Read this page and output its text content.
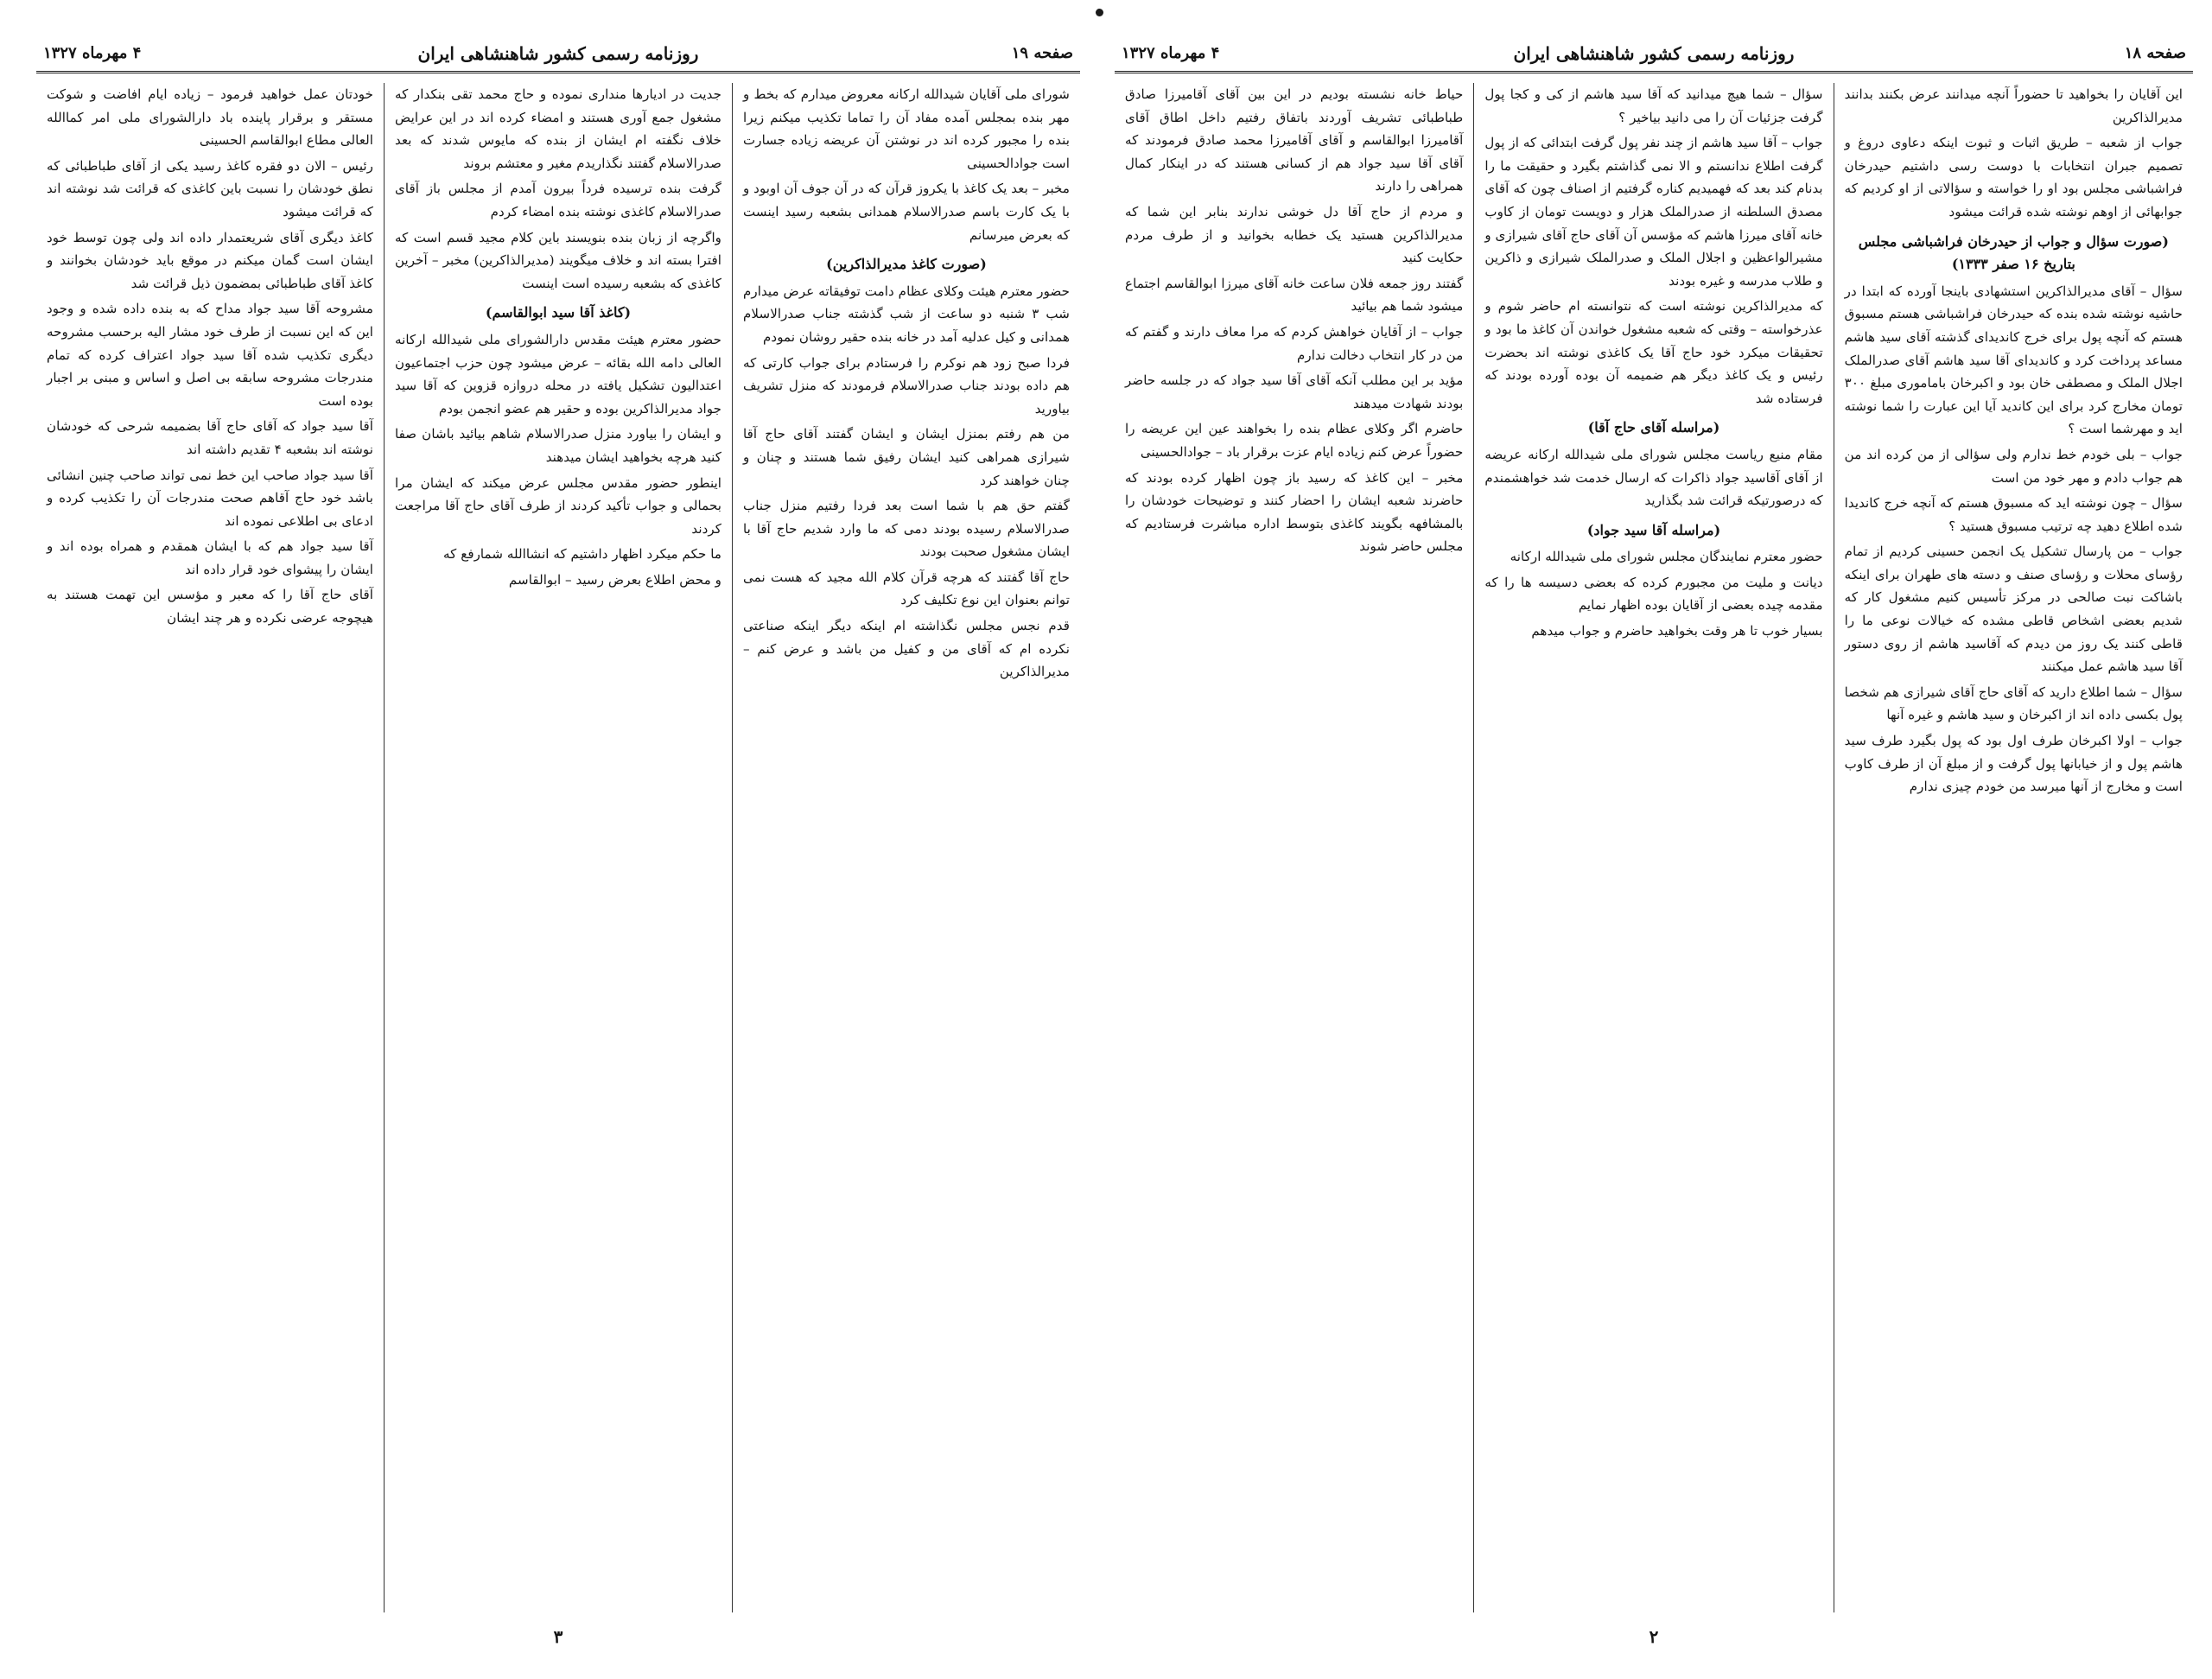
صفحه ۱۸
روزنامه رسمی کشور شاهنشاهی ایران
۴ مهرماه ۱۳۲۷

این آقایان را بخواهید تا حضوراً آنچه میدانند عرض بکنند بدانند مدیرالذاکرین

جواب از شعبه – طریق اثبات و ثبوت اینکه دعاوی دروغ و تصمیم جبران انتخابات با دوست رسی داشتیم حیدرخان فراشباشی مجلس بود او را خواسته و سؤالاتی از او کردیم که جوابهائی از اوهم نوشته شده قرائت میشود

(صورت سؤال و جواب از حیدرخان فراشباشی مجلس بتاریخ ۱۶ صفر ۱۳۳۳)

سؤال – آقای مدیرالذاکرین استشهادی باینجا آورده که ابتدا در حاشیه نوشته شده بنده که حیدرخان فراشباشی هستم مسبوق هستم که آنچه پول برای خرج کاندیدای گذشته آقای سید هاشم مساعد پرداخت کرد و کاندیدای آقا سید هاشم آقای صدرالملک اجلال الملک و مصطفی خان بود و اکبرخان باماموری مبلغ ۳۰۰ تومان مخارج کرد برای این کاندید آیا این عبارت را شما نوشته اید و مهرشما است ؟

جواب – بلی خودم خط ندارم ولی سؤالی از من کرده اند من هم جواب دادم و مهر خود من است

سؤال – چون نوشته اید که مسبوق هستم که آنچه خرج کاندیدا شده اطلاع دهید چه ترتیب مسبوق هستید ؟

جواب – من پارسال تشکیل یک انجمن حسینی کردیم از تمام رؤسای محلات و رؤسای صنف و دسته های طهران برای اینکه باشاکت نبت صالحی در مرکز تأسیس کنیم مشغول کار که شدیم بعضی اشخاص قاطی مشده که خیالات نوعی ما را قاطی کنند یک روز من دیدم که آقاسید هاشم از روی دستور آقا سید هاشم عمل میکنند

سؤال – شما اطلاع دارید که آقای حاج آقای شیرازی هم شخصا پول بکسی داده اند از اکبرخان و سید هاشم و غیره آنها

جواب – اولا اکبرخان طرف اول بود که پول بگیرد طرف سید هاشم پول و از خیابانها پول گرفت و از مبلغ آن از طرف کاوب است و مخارج از آنها میرسد من خودم چیزی ندارم

سؤال – شما هیچ میدانید که آقا سید هاشم از کی و کجا پول گرفت جزئیات آن را می دانید بیاخیر ؟

جواب – آقا سید هاشم از چند نفر پول گرفت ابتدائی که از پول گرفت اطلاع ندانستم و الا نمی گذاشتم بگیرد و حقیقت ما را بدنام کند بعد که فهمیدیم کناره گرفتیم از اصناف چون که آقای مصدق السلطنه از صدرالملک هزار و دویست تومان از کاوب خانه آقای میرزا هاشم که مؤسس آن آقای حاج آقای شیرازی و مشیرالواعظین و اجلال الملک و صدرالملک شیرازی و ذاکرین و طلاب مدرسه و غیره بودند

که مدیرالذاکرین نوشته است که نتوانسته ام حاضر شوم و عذرخواسته – وقتی که شعبه مشغول خواندن آن کاغذ ما بود و تحقیقات میکرد خود حاج آقا یک کاغذی نوشته اند بحضرت رئیس و یک کاغذ دیگر هم ضمیمه آن بوده آورده بودند که فرستاده شد

(مراسله آقای حاج آقا)

مقام منیع ریاست مجلس شورای ملی شیدالله ارکانه عریضه از آقای آقاسید جواد ذاکرات که ارسال خدمت شد خواهشمندم که درصورتیکه قرائت شد بگذارید

(مراسله آقا سید جواد)

حضور معترم نمایندگان مجلس شورای ملی شیدالله ارکانه

دیانت و ملیت من مجبورم کرده که بعضی دسیسه ها را که مقدمه چیده بعضی از آقایان بوده اظهار نمایم

بسیار خوب تا هر وقت بخواهید حاضرم و جواب میدهم

حیاط خانه نشسته بودیم در این بین آقای آقامیرزا صادق طباطبائی تشریف آوردند باتفاق رفتیم داخل اطاق آقای آقامیرزا ابوالقاسم و آقای آقامیرزا محمد صادق فرمودند که آقای آقا سید جواد هم از کسانی هستند که در اینکار کمال همراهی را دارند

و مردم از حاج آقا دل خوشی ندارند بنابر این شما که مدیرالذاکرین هستید یک خطابه بخوانید و از طرف مردم حکایت کنید

گفتند روز جمعه فلان ساعت خانه آقای میرزا ابوالقاسم اجتماع میشود شما هم بیائید

جواب – از آقایان خواهش کردم که مرا معاف دارند و گفتم که من در کار انتخاب دخالت ندارم

مؤید بر این مطلب آنکه آقای آقا سید جواد که در جلسه حاضر بودند شهادت میدهند

حاضرم اگر وکلای عظام بنده را بخواهند عین این عریضه را حضوراً عرض کنم زیاده ایام عزت برقرار باد – جوادالحسینی

مخبر – این کاغذ که رسید باز چون اظهار کرده بودند که حاضرند شعبه ایشان را احضار کنند و توضیحات خودشان را بالمشافهه بگویند کاغذی بتوسط اداره مباشرت فرستادیم که مجلس حاضر شوند

۲
صفحه ۱۹
روزنامه رسمی کشور شاهنشاهی ایران
۴ مهرماه ۱۳۲۷

شورای ملی آقایان شیدالله ارکانه معروض میدارم که بخط و مهر بنده بمجلس آمده مفاد آن را تماما تکذیب میکنم زیرا بنده را مجبور کرده اند در نوشتن آن عریضه زیاده جسارت است جوادالحسینی

مخبر – بعد یک کاغذ با یکروز قرآن که در آن جوف آن اوبود و با یک کارت باسم صدرالاسلام همدانی بشعبه رسید اینست که بعرض میرسانم

(صورت کاغذ مدیرالذاکرین)

حضور معترم هیئت وکلای عظام دامت توفیقاته عرض میدارم شب ۳ شنبه دو ساعت از شب گذشته جناب صدرالاسلام همدانی و کیل عدلیه آمد در خانه بنده حقیر روشان نمودم

فردا صبح زود هم نوکرم را فرستادم برای جواب کارتی که هم داده بودند جناب صدرالاسلام فرمودند که منزل تشریف بیاورید

من هم رفتم بمنزل ایشان و ایشان گفتند آقای حاج آقا شیرازی همراهی کنید ایشان رفیق شما هستند و چنان و چنان خواهند کرد

گفتم حق هم با شما است بعد فردا رفتیم منزل جناب صدرالاسلام رسیده بودند دمی که ما وارد شدیم حاج آقا با ایشان مشغول صحبت بودند

حاج آقا گفتند که هرچه قرآن کلام الله مجید که هست نمی توانم بعنوان این نوع تکلیف کرد

قدم نجس مجلس نگذاشته ام اینکه دیگر اینکه صناعتی نکرده ام که آقای من و کفیل من باشد و عرض کنم – مدیرالذاکرین

جدیت در ادیارها منداری نموده و حاج محمد تقی بنکدار که مشغول جمع آوری هستند و امضاء کرده اند در این عرایض خلاف نگفته ام ایشان از بنده که مایوس شدند که بعد صدرالاسلام گفتند نگذاریدم مغیر و معتشم بروند

گرفت بنده ترسیده فرداً بیرون آمدم از مجلس باز آقای صدرالاسلام کاغذی نوشته بنده امضاء کردم

واگرچه از زبان بنده بنویسند باین کلام مجید قسم است که افترا بسته اند و خلاف میگویند (مدیرالذاکرین) مخبر – آخرین کاغذی که بشعبه رسیده است اینست

(کاغذ آقا سید ابوالقاسم)

حضور معترم هیئت مقدس دارالشورای ملی شیدالله ارکانه العالی دامه الله بقائه – عرض میشود چون حزب اجتماعیون اعتدالیون تشکیل یافته در محله دروازه قزوین که آقا سید جواد مدیرالذاکرین بوده و حقیر هم عضو انجمن بودم

و ایشان را بیاورد منزل صدرالاسلام شاهم بیائید باشان صفا کنید هرچه بخواهید ایشان میدهند

اینطور حضور مقدس مجلس عرض میکند که ایشان مرا بحمالی و جواب تأکید کردند از طرف آقای حاج آقا مراجعت کردند

ما حکم میکرد اظهار داشتیم که انشاالله شمارفع که

و محض اطلاع بعرض رسید – ابوالقاسم

خودتان عمل خواهید فرمود – زیاده ایام افاضت و شوکت مستقر و برقرار پاینده باد دارالشورای ملی امر کماالله العالی مطاع ابوالقاسم الحسینی

رئیس – الان دو فقره کاغذ رسید یکی از آقای طباطبائی که نطق خودشان را نسبت باین کاغذی که قرائت شد نوشته اند که قرائت میشود

کاغذ دیگری آقای شریعتمدار داده اند ولی چون توسط خود ایشان است گمان میکنم در موقع باید خودشان بخوانند و کاغذ آقای طباطبائی بمضمون ذیل قرائت شد

مشروحه آقا سید جواد مداح که به بنده داده شده و وجود این که این نسبت از طرف خود مشار الیه برحسب مشروحه دیگری تکذیب شده آقا سید جواد اعتراف کرده که تمام مندرجات مشروحه سابقه بی اصل و اساس و مبنی بر اجبار بوده است

آقا سید جواد که آقای حاج آقا بضمیمه شرحی که خودشان نوشته اند بشعبه ۴ تقدیم داشته اند

آقا سید جواد صاحب این خط نمی تواند صاحب چنین انشائی باشد خود حاج آقاهم صحت مندرجات آن را تکذیب کرده و ادعای بی اطلاعی نموده اند

آقا سید جواد هم که با ایشان همقدم و همراه بوده اند و ایشان را پیشوای خود قرار داده اند

آقای حاج آقا را که معبر و مؤسس این تهمت هستند به هیچوجه عرضی نکرده و هر چند ایشان

۳
